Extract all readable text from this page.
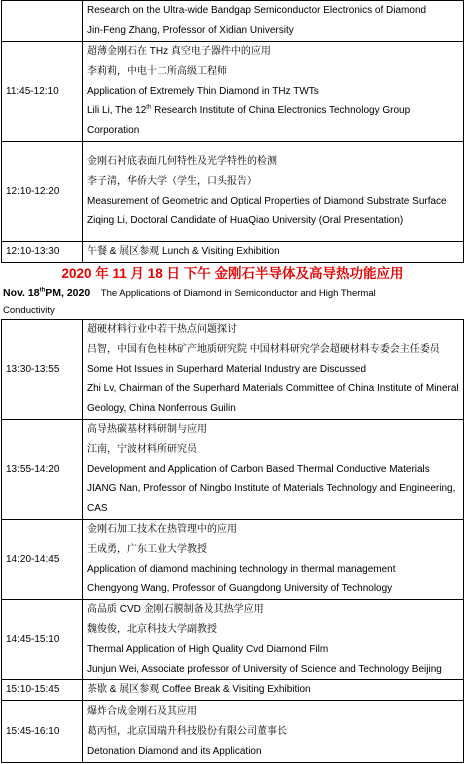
	Research on the Ultra-wide Bandgap Semiconductor Electronics of Diamond
Jin-Feng Zhang, Professor of Xidian University

11:45-12:10	超薄金刚石在 THz 真空电子器件中的应用
李莉莉，中电十二所高级工程师
Application of Extremely Thin Diamond in THz TWTs
Lili Li, The 12th Research Institute of China Electronics Technology Group Corporation

12:10-12:20	金刚石衬底表面几何特性及光学特性的检测
李子清，华侨大学（学生，口头报告）
Measurement of Geometric and Optical Properties of Diamond Substrate Surface
Ziqing Li, Doctoral Candidate of HuaQiao University (Oral Presentation)

12:10-13:30	午餐 & 展区参观 Lunch & Visiting Exhibition
2020 年 11 月 18 日 下午 金刚石半导体及高导热功能应用
Nov. 18thPM, 2020 The Applications of Diamond in Semiconductor and High Thermal
Conductivity
13:30-13:55	超硬材料行业中若干热点问题探讨
吕智，中国有色桂林矿产地质研究院 中国材料研究学会超硬材料专委会主任委员
Some Hot Issues in Superhard Material Industry are Discussed
Zhi Lv, Chairman of the Superhard Materials Committee of China Institute of Mineral Geology, China Nonferrous Guilin

13:55-14:20	高导热碳基材料研制与应用
江南，宁波材料所研究员
Development and Application of Carbon Based Thermal Conductive Materials
JIANG Nan, Professor of Ningbo Institute of Materials Technology and Engineering, CAS

14:20-14:45	金刚石加工技术在热管理中的应用
王成勇，广东工业大学教授
Application of diamond machining technology in thermal management
Chengyong Wang, Professor of Guangdong University of Technology

14:45-15:10	高品质 CVD 金刚石膜制备及其热学应用
魏俊俊，北京科技大学副教授
Thermal Application of High Quality Cvd Diamond Film
Junjun Wei, Associate professor of University of Science and Technology Beijing

15:10-15:45	茶歇 & 展区参观 Coffee Break & Visiting Exhibition

15:45-16:10	爆炸合成金刚石及其应用
葛丙恒，北京国瑞升科技股份有限公司董事长
Detonation Diamond and its Application
